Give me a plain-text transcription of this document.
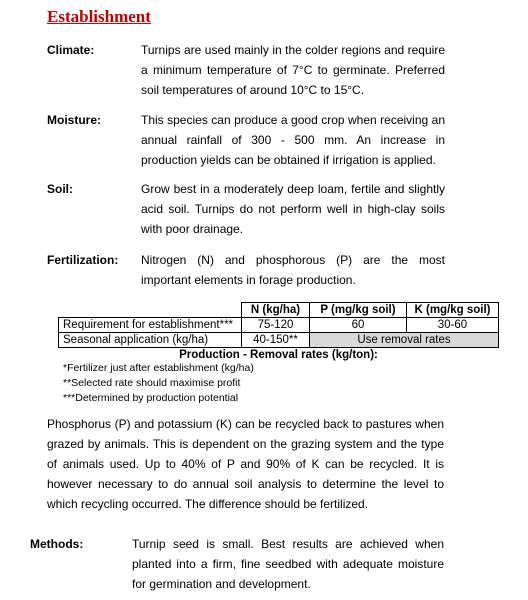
Establishment
Climate:	Turnips are used mainly in the colder regions and require a minimum temperature of 7°C to germinate. Preferred soil temperatures of around 10°C to 15°C.

Moisture:	This species can produce a good crop when receiving an annual rainfall of 300 - 500 mm. An increase in production yields can be obtained if irrigation is applied.

Soil:	Grow best in a moderately deep loam, fertile and slightly acid soil. Turnips do not perform well in high-clay soils with poor drainage.

Fertilization: Nitrogen (N) and phosphorous (P) are the most important elements in forage production.

	N (kg/ha)	P (mg/kg soil)	K (mg/kg soil)
Requirement for establishment***	75-120	60	30-60
Seasonal application (kg/ha)	40-150**	Use removal rates	
Production - Removal rates (kg/ton):			
*Fertilizer just after establishment (kg/ha)
**Selected rate should maximise profit
***Determined by production potential

Phosphorus (P) and potassium (K) can be recycled back to pastures when grazed by animals. This is dependent on the grazing system and the type of animals used. Up to 40% of P and 90% of K can be recycled. It is however necessary to do annual soil analysis to determine the level to which recycling occurred. The difference should be fertilized.

Methods:	Turnip seed is small. Best results are achieved when planted into a firm, fine seedbed with adequate moisture for germination and development.
